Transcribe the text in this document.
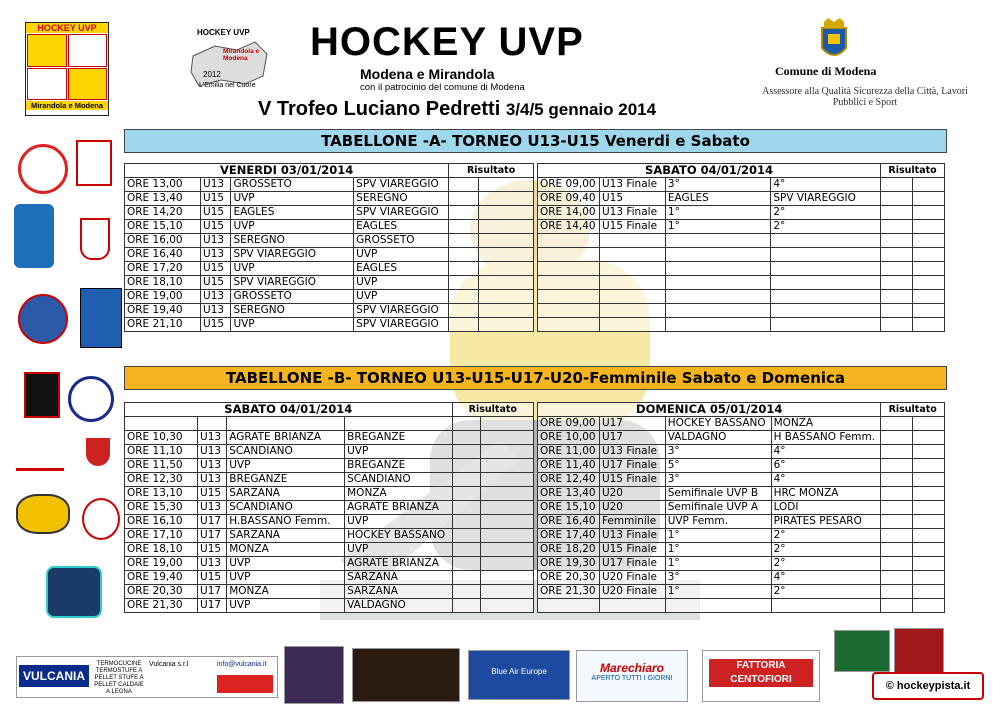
HOCKEY UVP
Mirandola e Modena
HOCKEY UVP
Mirandola e Modena
2012
L'Emilia nel Cuore
HOCKEY UVP
Modena e Mirandola
con il patrocinio del comune di Modena
V Trofeo Luciano Pedretti 3/4/5 gennaio 2014
Comune di Modena
Assessore alla Qualità Sicurezza della Città, Lavori Pubblici e Sport
TABELLONE -A- TORNEO U13-U15 Venerdi e Sabato
VENERDI 03/01/2014				Risultato	
ORE 13,00	U13	GROSSETO	SPV VIAREGGIO		
ORE 13,40	U15	UVP	SEREGNO		
ORE 14,20	U15	EAGLES	SPV VIAREGGIO		
ORE 15,10	U15	UVP	EAGLES		
ORE 16,00	U13	SEREGNO	GROSSETO		
ORE 16,40	U13	SPV VIAREGGIO	UVP		
ORE 17,20	U15	UVP	EAGLES		
ORE 18,10	U15	SPV VIAREGGIO	UVP		
ORE 19,00	U13	GROSSETO	UVP		
ORE 19,40	U13	SEREGNO	SPV VIAREGGIO		
ORE 21,10	U15	UVP	SPV VIAREGGIO		
SABATO 04/01/2014				Risultato	
ORE 09,00	U13 Finale	3°	4°		
ORE 09,40	U15	EAGLES	SPV VIAREGGIO		
ORE 14,00	U13 Finale	1°	2°		
ORE 14,40	U15 Finale	1°	2°		

TABELLONE -B- TORNEO U13-U15-U17-U20-Femminile Sabato e Domenica
SABATO 04/01/2014				Risultato	

ORE 10,30	U13	AGRATE BRIANZA	BREGANZE		
ORE 11,10	U13	SCANDIANO	UVP		
ORE 11,50	U13	UVP	BREGANZE		
ORE 12,30	U13	BREGANZE	SCANDIANO		
ORE 13,10	U15	SARZANA	MONZA		
ORE 15,30	U13	SCANDIANO	AGRATE BRIANZA		
ORE 16,10	U17	H.BASSANO Femm.	UVP		
ORE 17,10	U17	SARZANA	HOCKEY BASSANO		
ORE 18,10	U15	MONZA	UVP		
ORE 19,00	U13	UVP	AGRATE BRIANZA		
ORE 19,40	U15	UVP	SARZANA		
ORE 20,30	U17	MONZA	SARZANA		
ORE 21,30	U17	UVP	VALDAGNO		
DOMENICA 05/01/2014				Risultato	
ORE 09,00	U17	HOCKEY BASSANO	MONZA		
ORE 10,00	U17	VALDAGNO	H BASSANO Femm.		
ORE 11,00	U13 Finale	3°	4°		
ORE 11,40	U17 Finale	5°	6°		
ORE 12,40	U15 Finale	3°	4°		
ORE 13,40	U20	Semifinale UVP B	HRC MONZA		
ORE 15,10	U20	Semifinale UVP A	LODI		
ORE 16,40	Femminile	UVP Femm.	PIRATES PESARO		
ORE 17,40	U13 Finale	1°	2°		
ORE 18,20	U15 Finale	1°	2°		
ORE 19,30	U17 Finale	1°	2°		
ORE 20,30	U20 Finale	3°	4°		
ORE 21,30	U20 Finale	1°	2°		

VULCANIA
TERMOCUCINE TERMOSTUFE A PELLET STUFE A PELLET CALDAIE A LEGNA
Vulcania s.r.l	info@vulcania.it
Blue Air Europe	Marechiaro
APERTO TUTTI I GIORNI
FATTORIA CENTOFIORI
© hockeypista.it
